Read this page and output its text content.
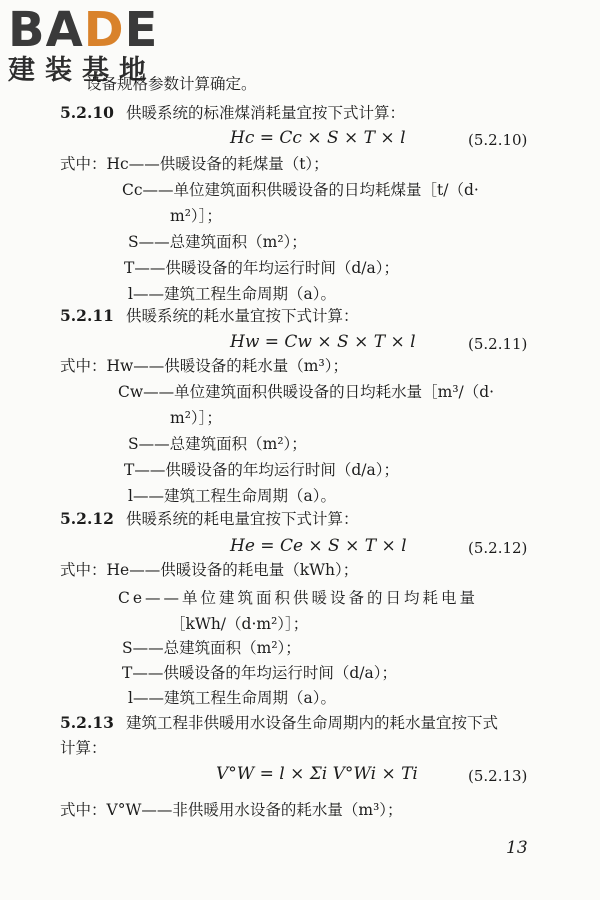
BADE
建装基地
设备规格参数计算确定。
5.2.10 供暖系统的标准煤消耗量宜按下式计算：
Hc = Cc × S × T × l	(5.2.10)
式中：Hc——供暖设备的耗煤量（t）；
Cc——单位建筑面积供暖设备的日均耗煤量［t/（d·
m²）］；
S——总建筑面积（m²）；
T——供暖设备的年均运行时间（d/a）；
l——建筑工程生命周期（a）。
5.2.11 供暖系统的耗水量宜按下式计算：
Hw = Cw × S × T × l	(5.2.11)
式中：Hw——供暖设备的耗水量（m³）；
Cw——单位建筑面积供暖设备的日均耗水量［m³/（d·
m²）］；
S——总建筑面积（m²）；
T——供暖设备的年均运行时间（d/a）；
l——建筑工程生命周期（a）。
5.2.12 供暖系统的耗电量宜按下式计算：
He = Ce × S × T × l	(5.2.12)
式中：He——供暖设备的耗电量（kWh）；
Ce——单位建筑面积供暖设备的日均耗电量
［kWh/（d·m²）］；
S——总建筑面积（m²）；
T——供暖设备的年均运行时间（d/a）；
l——建筑工程生命周期（a）。
5.2.13 建筑工程非供暖用水设备生命周期内的耗水量宜按下式
计算：
V°W = l × Σi V°Wi × Ti	(5.2.13)
式中：V°W——非供暖用水设备的耗水量（m³）；
13
